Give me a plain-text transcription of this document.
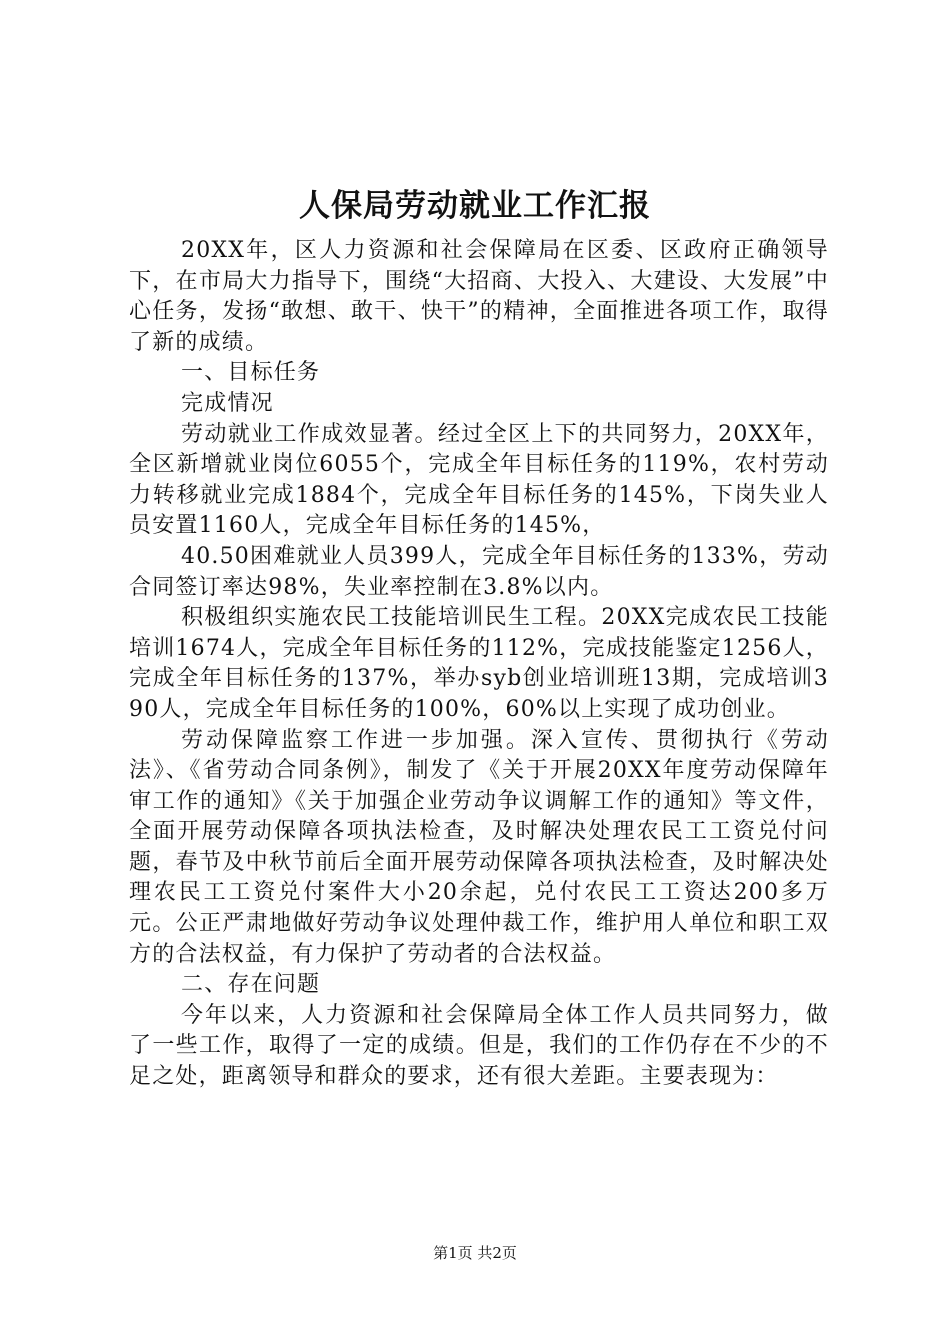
人保局劳动就业工作汇报

20XX年，区人力资源和社会保障局在区委、区政府正确领导下，在市局大力指导下，围绕“大招商、大投入、大建设、大发展”中心任务，发扬“敢想、敢干、快干”的精神，全面推进各项工作，取得了新的成绩。

一、目标任务

完成情况

劳动就业工作成效显著。经过全区上下的共同努力，20XX年，全区新增就业岗位6055个，完成全年目标任务的119%，农村劳动力转移就业完成1884个，完成全年目标任务的145%，下岗失业人员安置1160人，完成全年目标任务的145%，

40.50困难就业人员399人，完成全年目标任务的133%，劳动合同签订率达98%，失业率控制在3.8%以内。

积极组织实施农民工技能培训民生工程。20XX完成农民工技能培训1674人，完成全年目标任务的112%，完成技能鉴定1256人，完成全年目标任务的137%，举办syb创业培训班13期，完成培训390人，完成全年目标任务的100%，60%以上实现了成功创业。

劳动保障监察工作进一步加强。深入宣传、贯彻执行《劳动法》、《省劳动合同条例》，制发了《关于开展20XX年度劳动保障年审工作的通知》《关于加强企业劳动争议调解工作的通知》等文件，全面开展劳动保障各项执法检查，及时解决处理农民工工资兑付问题，春节及中秋节前后全面开展劳动保障各项执法检查，及时解决处理农民工工资兑付案件大小20余起，兑付农民工工资达200多万元。公正严肃地做好劳动争议处理仲裁工作，维护用人单位和职工双方的合法权益，有力保护了劳动者的合法权益。

二、存在问题

今年以来，人力资源和社会保障局全体工作人员共同努力，做了一些工作，取得了一定的成绩。但是，我们的工作仍存在不少的不足之处，距离领导和群众的要求，还有很大差距。主要表现为：

第1页 共2页
